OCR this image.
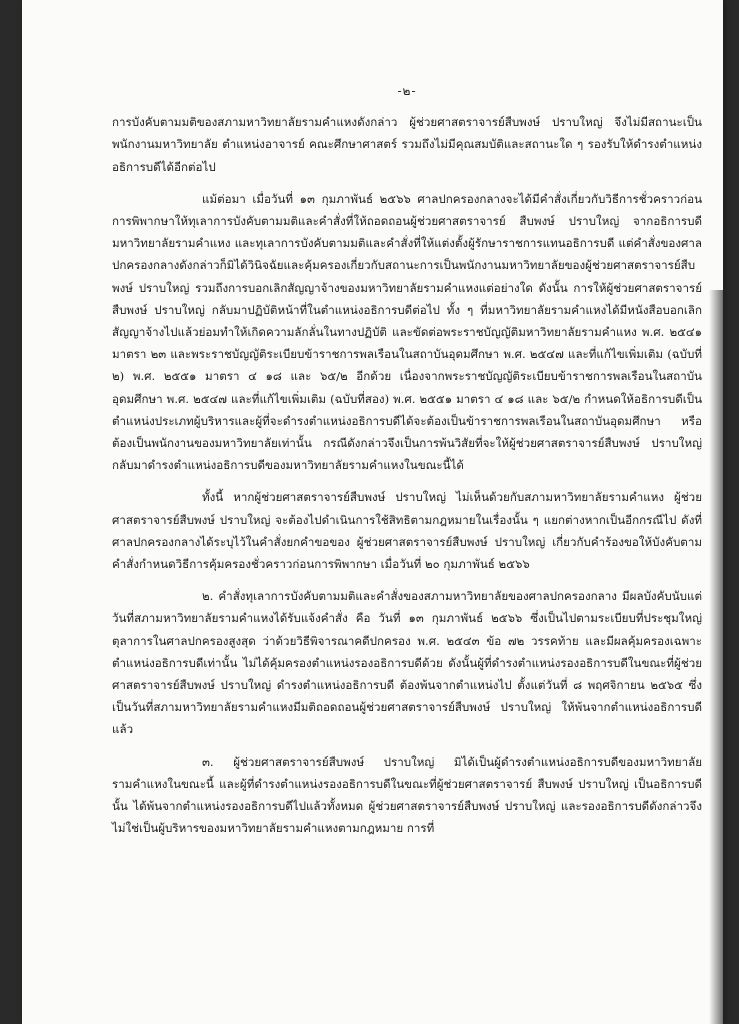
-๒-

การบังคับตามมติของสภามหาวิทยาลัยรามคำแหงดังกล่าว ผู้ช่วยศาสตราจารย์สืบพงษ์ ปราบใหญ่ จึงไม่มีสถานะเป็นพนักงานมหาวิทยาลัย ตำแหน่งอาจารย์ คณะศึกษาศาสตร์ รวมถึงไม่มีคุณสมบัติและสถานะใด ๆ รองรับให้ดำรงตำแหน่งอธิการบดีได้อีกต่อไป

แม้ต่อมา เมื่อวันที่ ๑๓ กุมภาพันธ์ ๒๕๖๖ ศาลปกครองกลางจะได้มีคำสั่งเกี่ยวกับวิธีการชั่วคราวก่อนการพิพากษาให้ทุเลาการบังคับตามมติและคำสั่งที่ให้ถอดถอนผู้ช่วยศาสตราจารย์ สืบพงษ์ ปราบใหญ่ จากอธิการบดีมหาวิทยาลัยรามคำแหง และทุเลาการบังคับตามมติและคำสั่งที่ให้แต่งตั้งผู้รักษาราชการแทนอธิการบดี แต่คำสั่งของศาลปกครองกลางดังกล่าวก็มิได้วินิจฉัยและคุ้มครองเกี่ยวกับสถานะการเป็นพนักงานมหาวิทยาลัยของผู้ช่วยศาสตราจารย์สืบพงษ์ ปราบใหญ่ รวมถึงการบอกเลิกสัญญาจ้างของมหาวิทยาลัยรามคำแหงแต่อย่างใด ดังนั้น การให้ผู้ช่วยศาสตราจารย์ สืบพงษ์ ปราบใหญ่ กลับมาปฏิบัติหน้าที่ในตำแหน่งอธิการบดีต่อไป ทั้ง ๆ ที่มหาวิทยาลัยรามคำแหงได้มีหนังสือบอกเลิกสัญญาจ้างไปแล้วย่อมทำให้เกิดความลักลั่นในทางปฏิบัติ และขัดต่อพระราชบัญญัติมหาวิทยาลัยรามคำแหง พ.ศ. ๒๕๔๑ มาตรา ๒๓ และพระราชบัญญัติระเบียบข้าราชการพลเรือนในสถาบันอุดมศึกษา พ.ศ. ๒๕๔๗ และที่แก้ไขเพิ่มเติม (ฉบับที่ ๒) พ.ศ. ๒๕๕๑ มาตรา ๔ ๑๘ และ ๖๕/๒ อีกด้วย เนื่องจากพระราชบัญญัติระเบียบข้าราชการพลเรือนในสถาบันอุดมศึกษา พ.ศ. ๒๕๔๗ และที่แก้ไขเพิ่มเติม (ฉบับที่สอง) พ.ศ. ๒๕๕๑ มาตรา ๔ ๑๘ และ ๖๕/๒ กำหนดให้อธิการบดีเป็นตำแหน่งประเภทผู้บริหารและผู้ที่จะดำรงตำแหน่งอธิการบดีได้จะต้องเป็นข้าราชการพลเรือนในสถาบันอุดมศึกษา หรือต้องเป็นพนักงานของมหาวิทยาลัยเท่านั้น กรณีดังกล่าวจึงเป็นการพ้นวิสัยที่จะให้ผู้ช่วยศาสตราจารย์สืบพงษ์ ปราบใหญ่ กลับมาดำรงตำแหน่งอธิการบดีของมหาวิทยาลัยรามคำแหงในขณะนี้ได้

ทั้งนี้ หากผู้ช่วยศาสตราจารย์สืบพงษ์ ปราบใหญ่ ไม่เห็นด้วยกับสภามหาวิทยาลัยรามคำแหง ผู้ช่วยศาสตราจารย์สืบพงษ์ ปราบใหญ่ จะต้องไปดำเนินการใช้สิทธิตามกฎหมายในเรื่องนั้น ๆ แยกต่างหากเป็นอีกกรณีไป ดังที่ศาลปกครองกลางได้ระบุไว้ในคำสั่งยกคำขอของ ผู้ช่วยศาสตราจารย์สืบพงษ์ ปราบใหญ่ เกี่ยวกับคำร้องขอให้บังคับตามคำสั่งกำหนดวิธีการคุ้มครองชั่วคราวก่อนการพิพากษา เมื่อวันที่ ๒๐ กุมภาพันธ์ ๒๕๖๖

๒. คำสั่งทุเลาการบังคับตามมติและคำสั่งของสภามหาวิทยาลัยของศาลปกครองกลาง มีผลบังคับนับแต่วันที่สภามหาวิทยาลัยรามคำแหงได้รับแจ้งคำสั่ง คือ วันที่ ๑๓ กุมภาพันธ์ ๒๕๖๖ ซึ่งเป็นไปตามระเบียบที่ประชุมใหญ่ตุลาการในศาลปกครองสูงสุด ว่าด้วยวิธีพิจารณาคดีปกครอง พ.ศ. ๒๕๔๓ ข้อ ๗๒ วรรคท้าย และมีผลคุ้มครองเฉพาะตำแหน่งอธิการบดีเท่านั้น ไม่ได้คุ้มครองตำแหน่งรองอธิการบดีด้วย ดังนั้นผู้ที่ดำรงตำแหน่งรองอธิการบดีในขณะที่ผู้ช่วยศาสตราจารย์สืบพงษ์ ปราบใหญ่ ดำรงตำแหน่งอธิการบดี ต้องพ้นจากตำแหน่งไป ตั้งแต่วันที่ ๘ พฤศจิกายน ๒๕๖๕ ซึ่งเป็นวันที่สภามหาวิทยาลัยรามคำแหงมีมติถอดถอนผู้ช่วยศาสตราจารย์สืบพงษ์ ปราบใหญ่ ให้พ้นจากตำแหน่งอธิการบดีแล้ว

๓. ผู้ช่วยศาสตราจารย์สืบพงษ์ ปราบใหญ่ มิได้เป็นผู้ดำรงตำแหน่งอธิการบดีของมหาวิทยาลัยรามคำแหงในขณะนี้ และผู้ที่ดำรงตำแหน่งรองอธิการบดีในขณะที่ผู้ช่วยศาสตราจารย์ สืบพงษ์ ปราบใหญ่ เป็นอธิการบดีนั้น ได้พ้นจากตำแหน่งรองอธิการบดีไปแล้วทั้งหมด ผู้ช่วยศาสตราจารย์สืบพงษ์ ปราบใหญ่ และรองอธิการบดีดังกล่าวจึงไม่ใช่เป็นผู้บริหารของมหาวิทยาลัยรามคำแหงตามกฎหมาย การที่
